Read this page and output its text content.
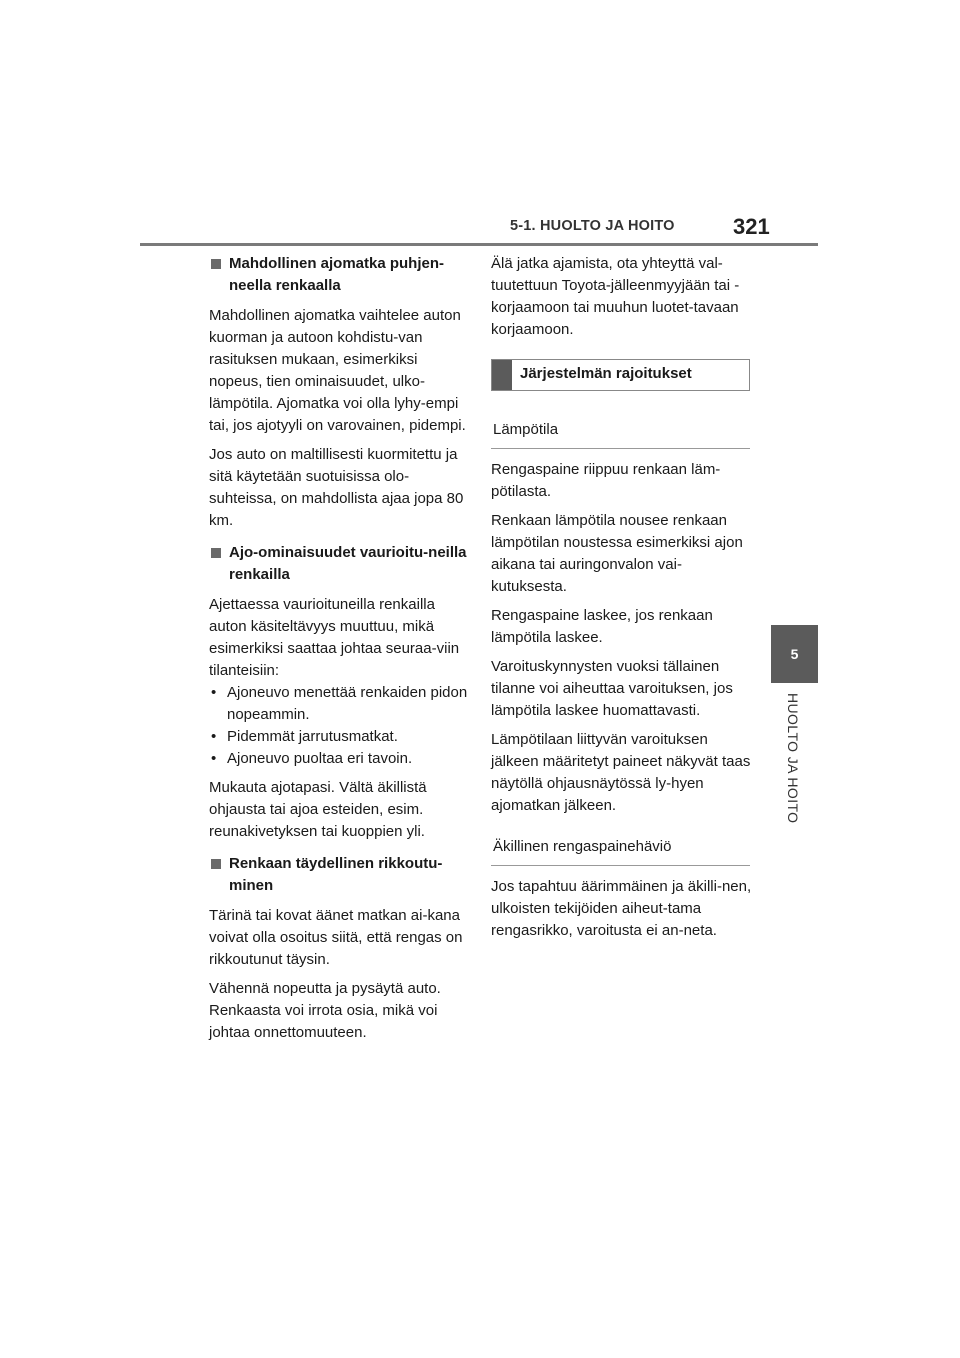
5-1. HUOLTO JA HOITO	321
5
HUOLTO JA HOITO
Mahdollinen ajomatka puhjen-neella renkaalla

Mahdollinen ajomatka vaihtelee auton kuorman ja autoon kohdistu-van rasituksen mukaan, esimerkiksi nopeus, tien ominaisuudet, ulko-lämpötila. Ajomatka voi olla lyhy-empi tai, jos ajotyyli on varovainen, pidempi.

Jos auto on maltillisesti kuormitettu ja sitä käytetään suotuisissa olo-suhteissa, on mahdollista ajaa jopa 80 km.

Ajo-ominaisuudet vaurioitu-neilla renkailla

Ajettaessa vaurioituneilla renkailla auton käsiteltävyys muuttuu, mikä esimerkiksi saattaa johtaa seuraa-viin tilanteisiin:

• Ajoneuvo menettää renkaiden pidon nopeammin.
• Pidemmät jarrutusmatkat.
• Ajoneuvo puoltaa eri tavoin.

Mukauta ajotapasi. Vältä äkillistä ohjausta tai ajoa esteiden, esim. reunakivetyksen tai kuoppien yli.

Renkaan täydellinen rikkoutu-minen

Tärinä tai kovat äänet matkan ai-kana voivat olla osoitus siitä, että rengas on rikkoutunut täysin.

Vähennä nopeutta ja pysäytä auto. Renkaasta voi irrota osia, mikä voi johtaa onnettomuuteen.

Älä jatka ajamista, ota yhteyttä val-tuutettuun Toyota-jälleenmyyjään tai -korjaamoon tai muuhun luotet-tavaan korjaamoon.

Järjestelmän rajoitukset
Lämpötila

Rengaspaine riippuu renkaan läm-pötilasta.

Renkaan lämpötila nousee renkaan lämpötilan noustessa esimerkiksi ajon aikana tai auringonvalon vai-kutuksesta.

Rengaspaine laskee, jos renkaan lämpötila laskee.

Varoituskynnysten vuoksi tällainen tilanne voi aiheuttaa varoituksen, jos lämpötila laskee huomattavasti.

Lämpötilaan liittyvän varoituksen jälkeen määritetyt paineet näkyvät taas näytöllä ohjausnäytössä ly-hyen ajomatkan jälkeen.

Äkillinen rengaspainehäviö

Jos tapahtuu äärimmäinen ja äkilli-nen, ulkoisten tekijöiden aiheut-tama rengasrikko, varoitusta ei an-neta.
